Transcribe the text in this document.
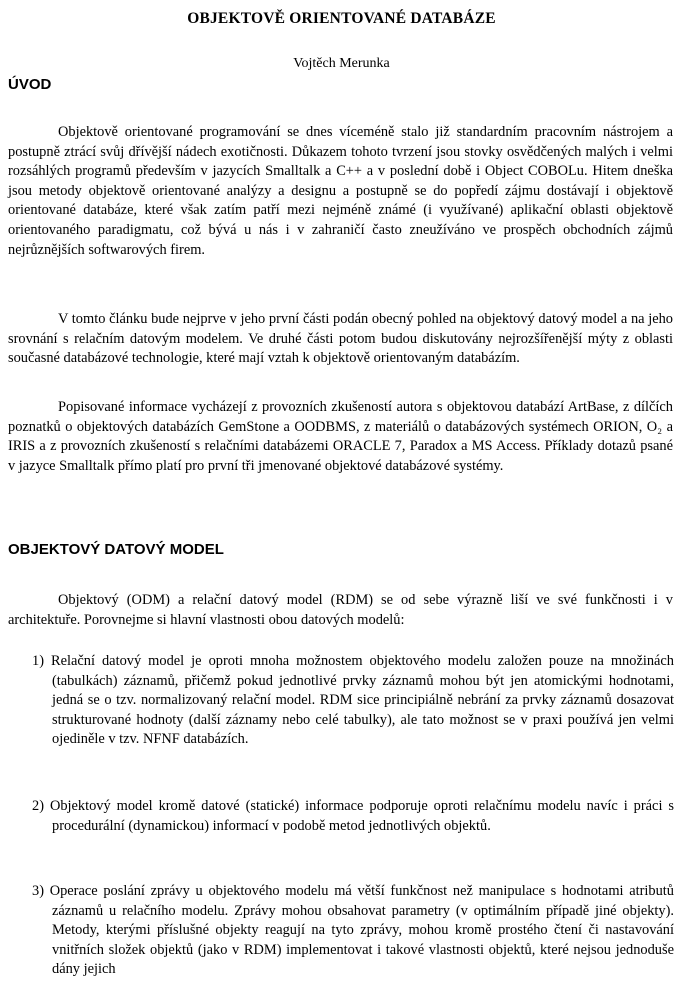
OBJEKTOVĚ ORIENTOVANÉ DATABÁZE
Vojtěch Merunka
ÚVOD

Objektově orientované programování se dnes víceméně stalo již standardním pracovním nástrojem a postupně ztrácí svůj dřívější nádech exotičnosti. Důkazem tohoto tvrzení jsou stovky osvědčených malých i velmi rozsáhlých programů především v jazycích Smalltalk a C++ a v poslední době i Object COBOLu. Hitem dneška jsou metody objektově orientované analýzy a designu a postupně se do popředí zájmu dostávají i objektově orientované databáze, které však zatím patří mezi nejméně známé (i využívané) aplikační oblasti objektově orientovaného paradigmatu, což bývá u nás i v zahraničí často zneužíváno ve prospěch obchodních zájmů nejrůznějších softwarových firem.

V tomto článku bude nejprve v jeho první části podán obecný pohled na objektový datový model a na jeho srovnání s relačním datovým modelem. Ve druhé části potom budou diskutovány nejrozšířenější mýty z oblasti současné databázové technologie, které mají vztah k objektově orientovaným databázím.

Popisované informace vycházejí z provozních zkušeností autora s objektovou databází ArtBase, z dílčích poznatků o objektových databázích GemStone a OODBMS, z materiálů o databázových systémech ORION, O₂ a IRIS a z provozních zkušeností s relačními databázemi ORACLE 7, Paradox a MS Access. Příklady dotazů psané v jazyce Smalltalk přímo platí pro první tři jmenované objektové databázové systémy.

OBJEKTOVÝ DATOVÝ MODEL

Objektový (ODM) a relační datový model (RDM) se od sebe výrazně liší ve své funkčnosti i v architektuře. Porovnejme si hlavní vlastnosti obou datových modelů:

1) Relační datový model je oproti mnoha možnostem objektového modelu založen pouze na množinách (tabulkách) záznamů, přičemž pokud jednotlivé prvky záznamů mohou být jen atomickými hodnotami, jedná se o tzv. normalizovaný relační model. RDM sice principiálně nebrání za prvky záznamů dosazovat strukturované hodnoty (další záznamy nebo celé tabulky), ale tato možnost se v praxi používá jen velmi ojediněle v tzv. NFNF databázích.

2) Objektový model kromě datové (statické) informace podporuje oproti relačnímu modelu navíc i práci s procedurální (dynamickou) informací v podobě metod jednotlivých objektů.

3) Operace poslání zprávy u objektového modelu má větší funkčnost než manipulace s hodnotami atributů záznamů u relačního modelu. Zprávy mohou obsahovat parametry (v optimálním případě jiné objekty). Metody, kterými příslušné objekty reagují na tyto zprávy, mohou kromě prostého čtení či nastavování vnitřních složek objektů (jako v RDM) implementovat i takové vlastnosti objektů, které nejsou jednoduše dány jejich
